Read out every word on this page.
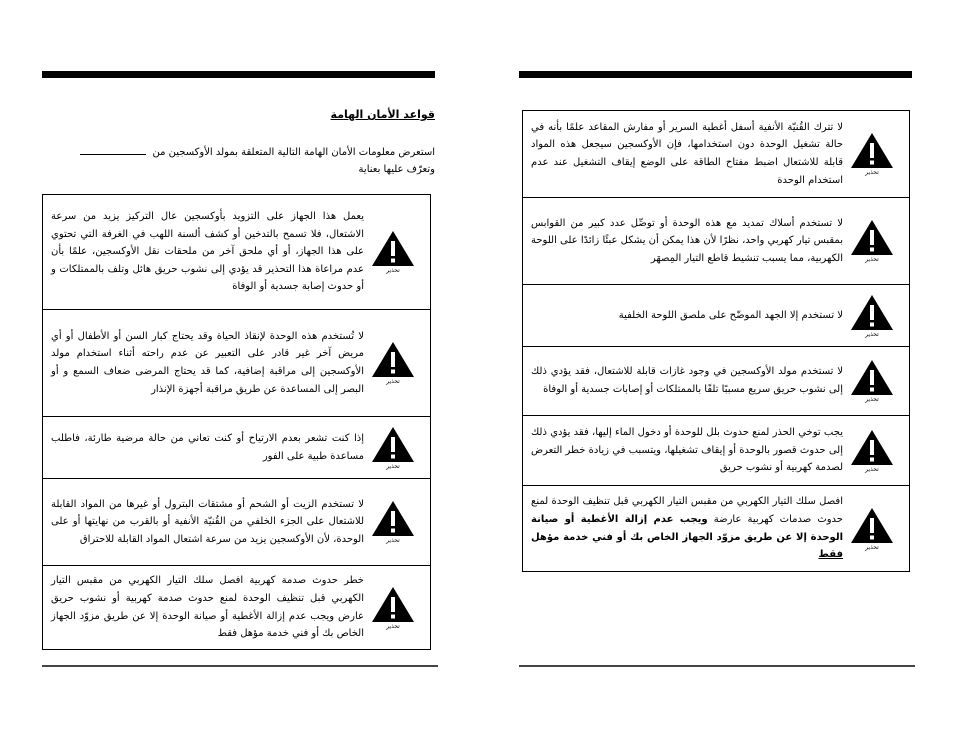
قواعد الأمان الهامة
استعرض معلومات الأمان الهامة التالية المتعلقة بمولد الأوكسجين من
وتعرّف عليها بعناية
يعمل هذا الجهاز على التزويد بأوكسجين عال التركيز يزيد من سرعة الاشتعال، فلا تسمح بالتدخين أو كشف ألسنة اللهب في الغرفة التي تحتوي على هذا الجهاز، أو أي ملحق آخر من ملحقات نقل الأوكسجين، علمًا بأن عدم مراعاة هذا التحذير قد يؤدي إلى نشوب حريق هائل وتلف بالممتلكات و أو حدوث إصابة جسدية أو الوفاة
تحذير
لا تُستخدم هذه الوحدة لإنقاذ الحياة وقد يحتاج كبار السن أو الأطفال أو أي مريض آخر غير قادر على التعبير عن عدم راحته أثناء استخدام مولد الأوكسجين إلى مراقبة إضافية، كما قد يحتاج المرضى ضعاف السمع و أو البصر إلى المساعدة عن طريق مراقبة أجهزة الإنذار
تحذير
إذا كنت تشعر بعدم الارتياح أو كنت تعاني من حالة مرضية طارئة، فاطلب مساعدة طبية على الفور
تحذير
لا تستخدم الزيت أو الشحم أو مشتقات البترول أو غيرها من المواد القابلة للاشتعال على الجزء الخلفي من القُنيّة الأنفية أو بالقرب من نهايتها أو على الوحدة، لأن الأوكسجين يزيد من سرعة اشتعال المواد القابلة للاحتراق	تحذير
خطر حدوث صدمة كهربية افصل سلك التيار الكهربي من مقبس التيار الكهربي قبل تنظيف الوحدة لمنع حدوث صدمة كهربية أو نشوب حريق عارض ويجب عدم إزالة الأغطية أو صيانة الوحدة إلا عن طريق مزوّد الجهاز الخاص بك أو فني خدمة مؤهل فقط
تحذير
لا تترك القُنيّة الأنفية أسفل أغطية السرير أو مفارش المقاعد علمًا بأنه في حالة تشغيل الوحدة دون استخدامها، فإن الأوكسجين سيجعل هذه المواد قابلة للاشتعال اضبط مفتاح الطاقة على الوضع إيقاف التشغيل عند عدم استخدام الوحدة
تحذير
لا تستخدم أسلاك تمديد مع هذه الوحدة أو توصِّل عدد كبير من القوابس بمقبس تيار كهربي واحد، نظرًا لأن هذا يمكن أن يشكل عبئًا زائدًا على اللوحة الكهربية، مما يسبب تنشيط قاطع التيار المِصهَر	تحذير
لا تستخدم إلا الجهد الموضّح على ملصق اللوحة الخلفية
تحذير
لا تستخدم مولد الأوكسجين في وجود غازات قابلة للاشتعال، فقد يؤدي ذلك إلى نشوب حريق سريع مسببًا تلفًا بالممتلكات أو إصابات جسدية أو الوفاة
تحذير
يجب توخي الحذر لمنع حدوث بلل للوحدة أو دخول الماء إليها، فقد يؤدي ذلك إلى حدوث قصور بالوحدة أو إيقاف تشغيلها، ويتسبب في زيادة خطر التعرض لصدمة كهربية أو نشوب حريق	تحذير
افصل سلك التيار الكهربي من مقبس التيار الكهربي قبل تنظيف الوحدة لمنع حدوث صدمات كهربية عارضة ويجب عدم إزالة الأغطية أو صيانة الوحدة إلا عن طريق مزوّد الجهاز الخاص بك أو فني خدمة مؤهل فقط
تحذير
